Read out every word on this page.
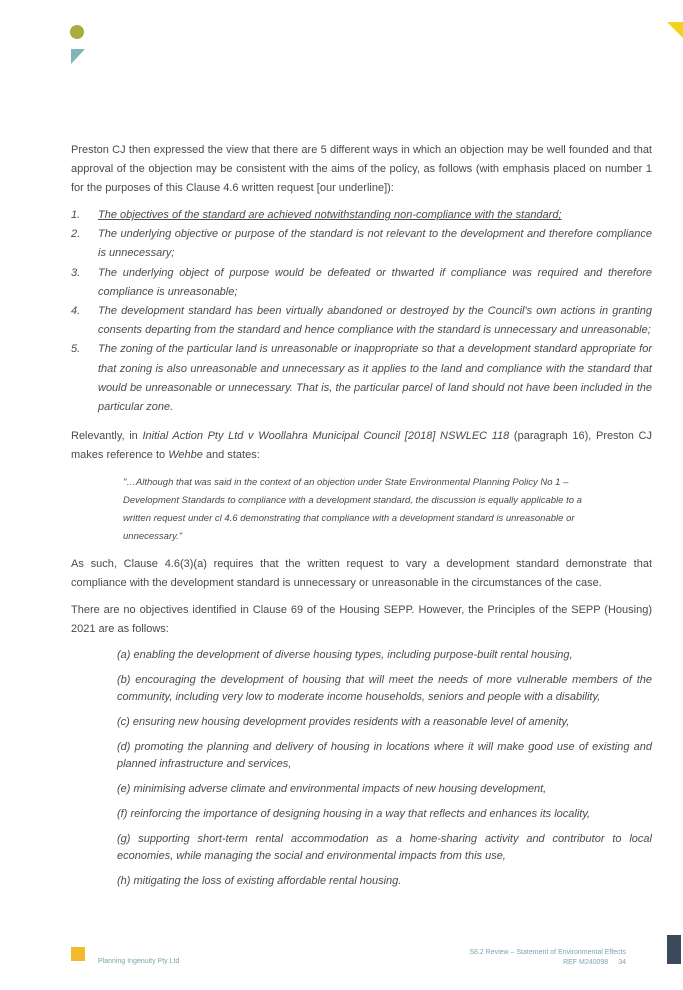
Preston CJ then expressed the view that there are 5 different ways in which an objection may be well founded and that approval of the objection may be consistent with the aims of the policy, as follows (with emphasis placed on number 1 for the purposes of this Clause 4.6 written request [our underline]):

1. The objectives of the standard are achieved notwithstanding non-compliance with the standard;
2. The underlying objective or purpose of the standard is not relevant to the development and therefore compliance is unnecessary;
3. The underlying object of purpose would be defeated or thwarted if compliance was required and therefore compliance is unreasonable;
4. The development standard has been virtually abandoned or destroyed by the Council's own actions in granting consents departing from the standard and hence compliance with the standard is unnecessary and unreasonable;
5. The zoning of the particular land is unreasonable or inappropriate so that a development standard appropriate for that zoning is also unreasonable and unnecessary as it applies to the land and compliance with the standard that would be unreasonable or unnecessary. That is, the particular parcel of land should not have been included in the particular zone.

Relevantly, in Initial Action Pty Ltd v Woollahra Municipal Council [2018] NSWLEC 118 (paragraph 16), Preston CJ makes reference to Wehbe and states:

"…Although that was said in the context of an objection under State Environmental Planning Policy No 1 – Development Standards to compliance with a development standard, the discussion is equally applicable to a written request under cl 4.6 demonstrating that compliance with a development standard is unreasonable or unnecessary."

As such, Clause 4.6(3)(a) requires that the written request to vary a development standard demonstrate that compliance with the development standard is unnecessary or unreasonable in the circumstances of the case.

There are no objectives identified in Clause 69 of the Housing SEPP. However, the Principles of the SEPP (Housing) 2021 are as follows:

(a) enabling the development of diverse housing types, including purpose-built rental housing,
(b) encouraging the development of housing that will meet the needs of more vulnerable members of the community, including very low to moderate income households, seniors and people with a disability,
(c) ensuring new housing development provides residents with a reasonable level of amenity,
(d) promoting the planning and delivery of housing in locations where it will make good use of existing and planned infrastructure and services,
(e) minimising adverse climate and environmental impacts of new housing development,
(f) reinforcing the importance of designing housing in a way that reflects and enhances its locality,
(g) supporting short-term rental accommodation as a home-sharing activity and contributor to local economies, while managing the social and environmental impacts from this use,
(h) mitigating the loss of existing affordable rental housing.
Planning Ingenuity Pty Ltd
S8.2 Review – Statement of Environmental Effects
REF M240098 34
